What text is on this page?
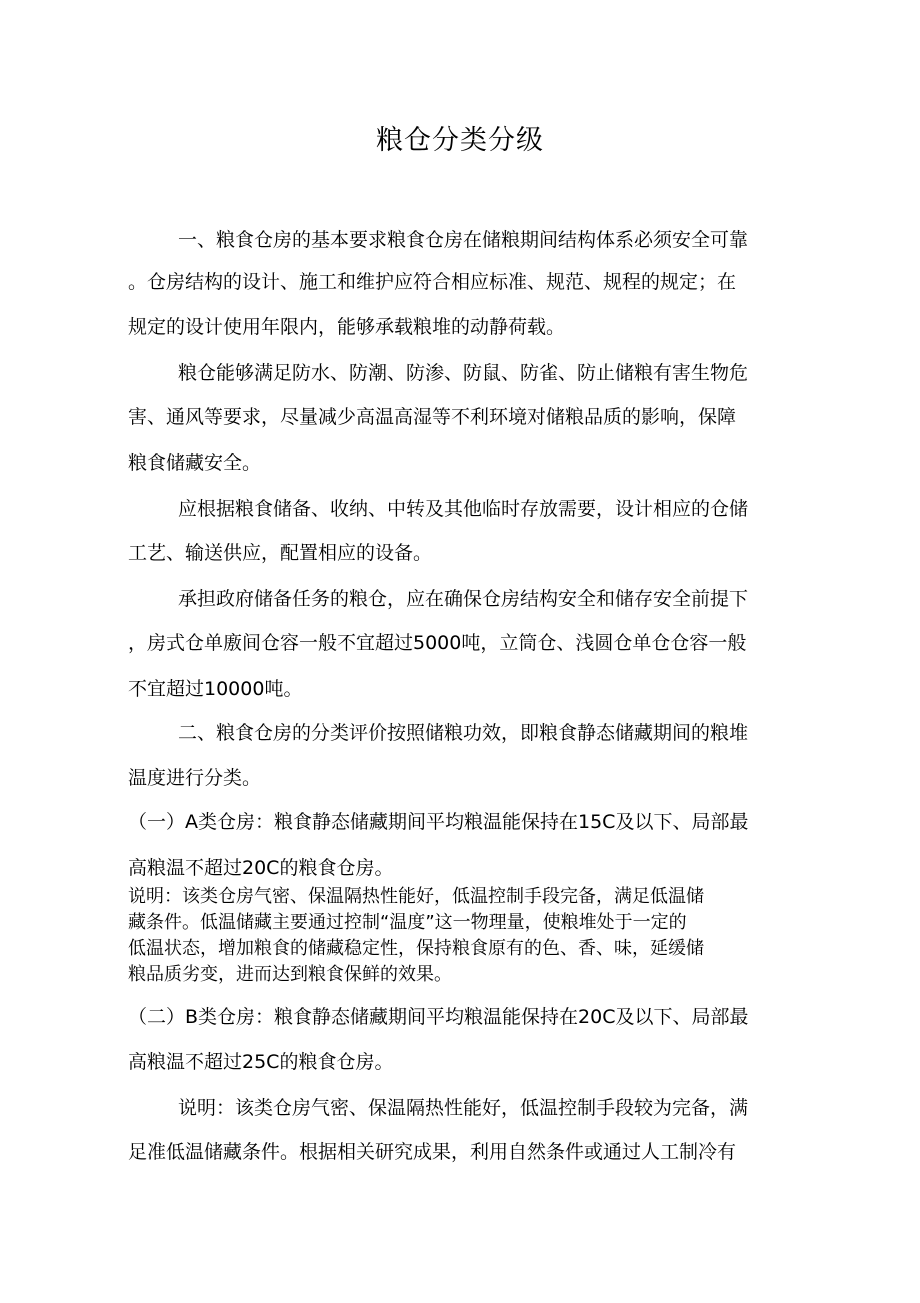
粮仓分类分级
一、粮食仓房的基本要求粮食仓房在储粮期间结构体系必须安全可靠
。仓房结构的设计、施工和维护应符合相应标准、规范、规程的规定；在
规定的设计使用年限内，能够承载粮堆的动静荷载。
粮仓能够满足防水、防潮、防渗、防鼠、防雀、防止储粮有害生物危
害、通风等要求，尽量减少高温高湿等不利环境对储粮品质的影响，保障
粮食储藏安全。
应根据粮食储备、收纳、中转及其他临时存放需要，设计相应的仓储
工艺、输送供应，配置相应的设备。
承担政府储备任务的粮仓，应在确保仓房结构安全和储存安全前提下
，房式仓单廒间仓容一般不宜超过5000吨，立筒仓、浅圆仓单仓仓容一般
不宜超过10000吨。
二、粮食仓房的分类评价按照储粮功效，即粮食静态储藏期间的粮堆
温度进行分类。
（一）A类仓房：粮食静态储藏期间平均粮温能保持在15C及以下、局部最
高粮温不超过20C的粮食仓房。
说明：该类仓房气密、保温隔热性能好，低温控制手段完备，满足低温储
藏条件。低温储藏主要通过控制“温度”这一物理量，使粮堆处于一定的
低温状态，增加粮食的储藏稳定性，保持粮食原有的色、香、味，延缓储
粮品质劣变，进而达到粮食保鲜的效果。
（二）B类仓房：粮食静态储藏期间平均粮温能保持在20C及以下、局部最
高粮温不超过25C的粮食仓房。
说明：该类仓房气密、保温隔热性能好，低温控制手段较为完备，满
足准低温储藏条件。根据相关研究成果，利用自然条件或通过人工制冷有
